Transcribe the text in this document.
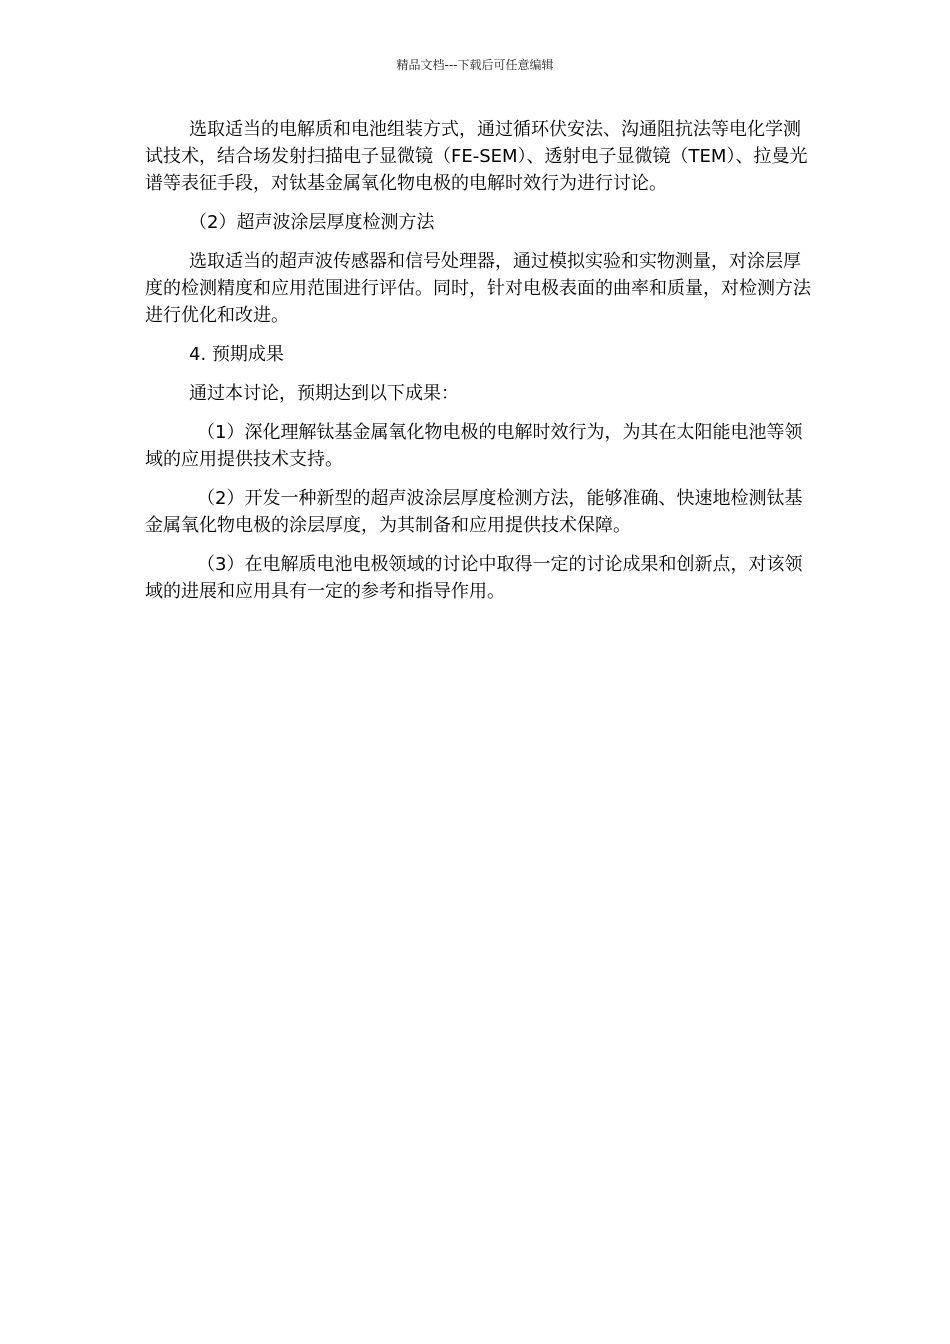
精品文档---下载后可任意编辑

选取适当的电解质和电池组装方式，通过循环伏安法、沟通阻抗法等电化学测试技术，结合场发射扫描电子显微镜（FE-SEM）、透射电子显微镜（TEM）、拉曼光谱等表征手段，对钛基金属氧化物电极的电解时效行为进行讨论。

（2）超声波涂层厚度检测方法

选取适当的超声波传感器和信号处理器，通过模拟实验和实物测量，对涂层厚度的检测精度和应用范围进行评估。同时，针对电极表面的曲率和质量，对检测方法进行优化和改进。

4. 预期成果

通过本讨论，预期达到以下成果：

（1）深化理解钛基金属氧化物电极的电解时效行为，为其在太阳能电池等领域的应用提供技术支持。

（2）开发一种新型的超声波涂层厚度检测方法，能够准确、快速地检测钛基金属氧化物电极的涂层厚度，为其制备和应用提供技术保障。

（3）在电解质电池电极领域的讨论中取得一定的讨论成果和创新点，对该领域的进展和应用具有一定的参考和指导作用。
